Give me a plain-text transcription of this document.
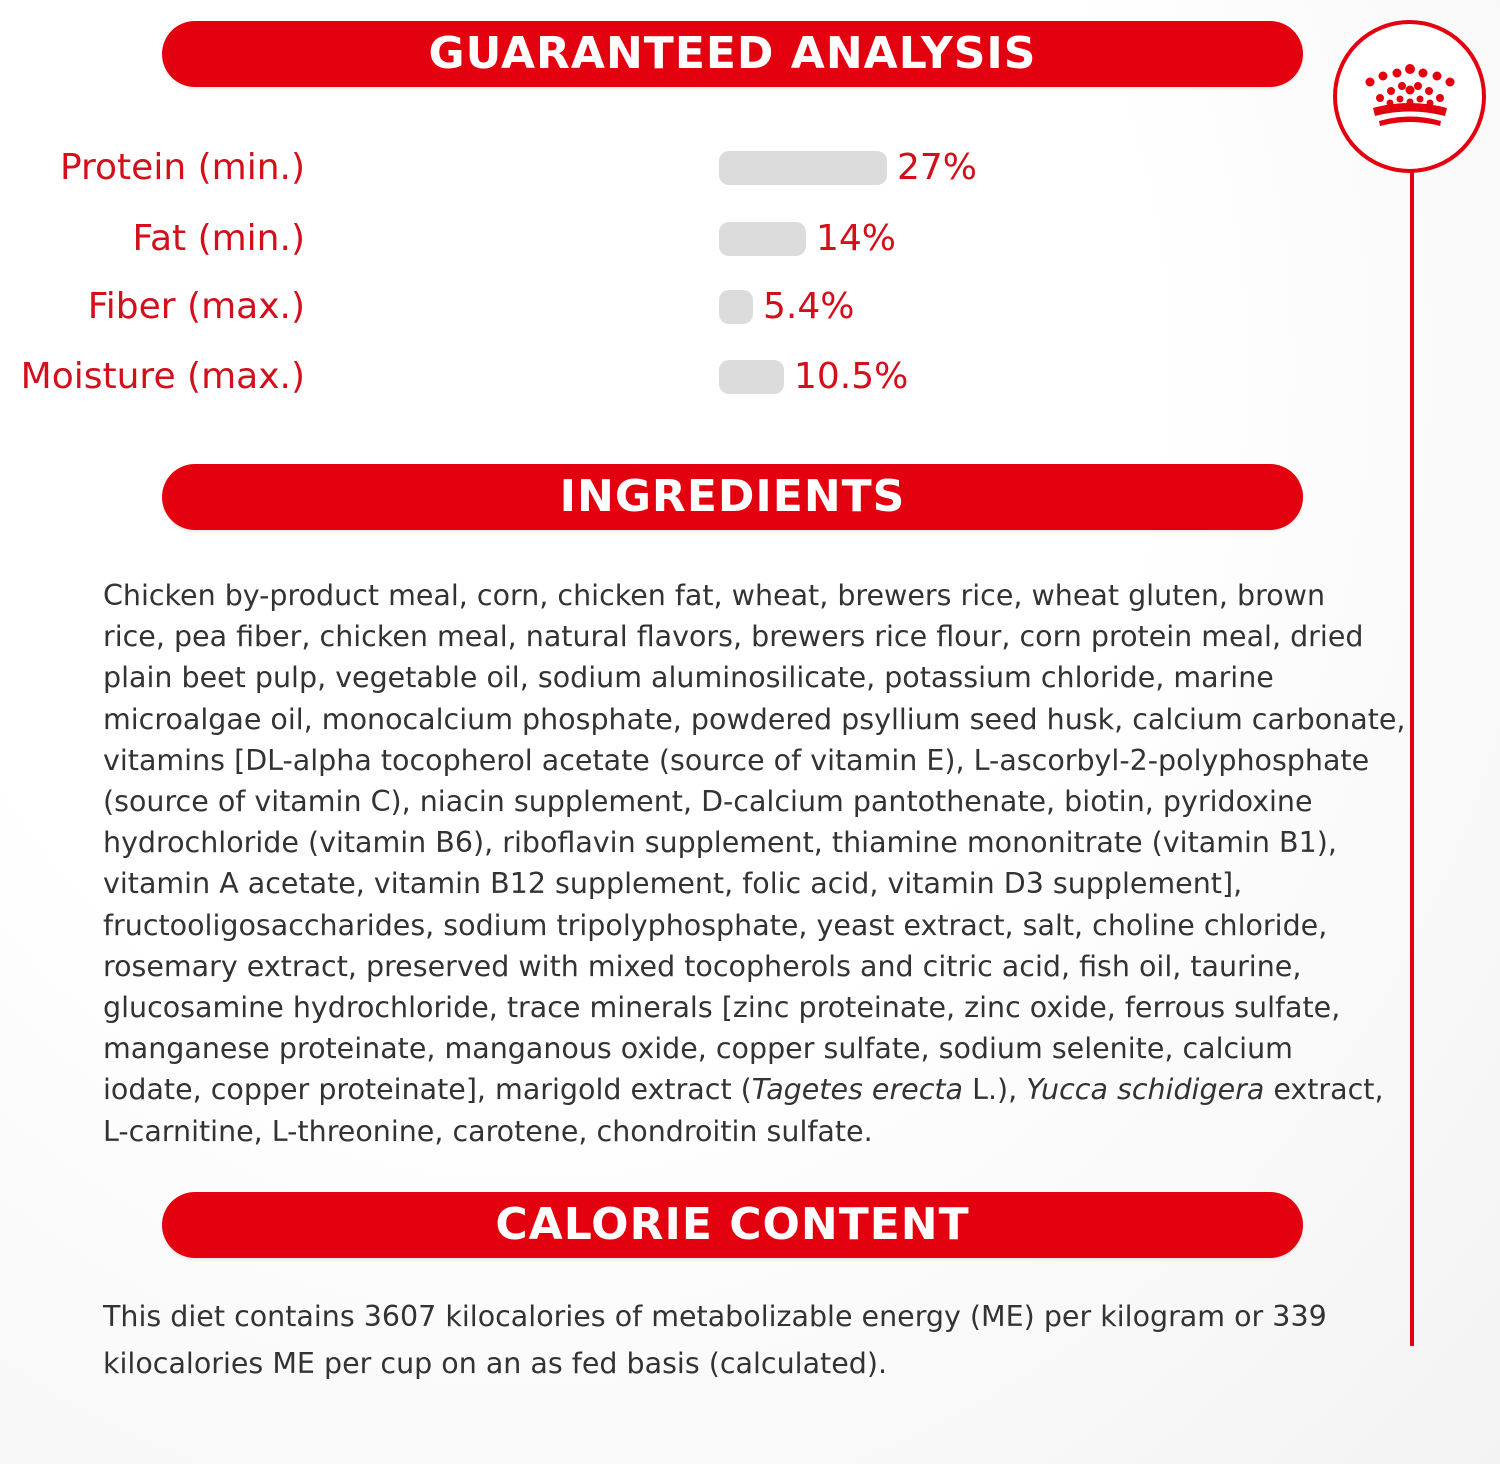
GUARANTEED ANALYSIS
Protein (min.)	27%
Fat (min.)	14%
Fiber (max.)	5.4%
Moisture (max.)	10.5%
INGREDIENTS

Chicken by-product meal, corn, chicken fat, wheat, brewers rice, wheat gluten, brown

rice, pea fiber, chicken meal, natural flavors, brewers rice flour, corn protein meal, dried

plain beet pulp, vegetable oil, sodium aluminosilicate, potassium chloride, marine

microalgae oil, monocalcium phosphate, powdered psyllium seed husk, calcium carbonate,

vitamins [DL-alpha tocopherol acetate (source of vitamin E), L-ascorbyl-2-polyphosphate

(source of vitamin C), niacin supplement, D-calcium pantothenate, biotin, pyridoxine

hydrochloride (vitamin B6), riboflavin supplement, thiamine mononitrate (vitamin B1),

vitamin A acetate, vitamin B12 supplement, folic acid, vitamin D3 supplement],

fructooligosaccharides, sodium tripolyphosphate, yeast extract, salt, choline chloride,

rosemary extract, preserved with mixed tocopherols and citric acid, fish oil, taurine,

glucosamine hydrochloride, trace minerals [zinc proteinate, zinc oxide, ferrous sulfate,

manganese proteinate, manganous oxide, copper sulfate, sodium selenite, calcium

iodate, copper proteinate], marigold extract (Tagetes erecta L.), Yucca schidigera extract,

L-carnitine, L-threonine, carotene, chondroitin sulfate.

CALORIE CONTENT

This diet contains 3607 kilocalories of metabolizable energy (ME) per kilogram or 339

kilocalories ME per cup on an as fed basis (calculated).
